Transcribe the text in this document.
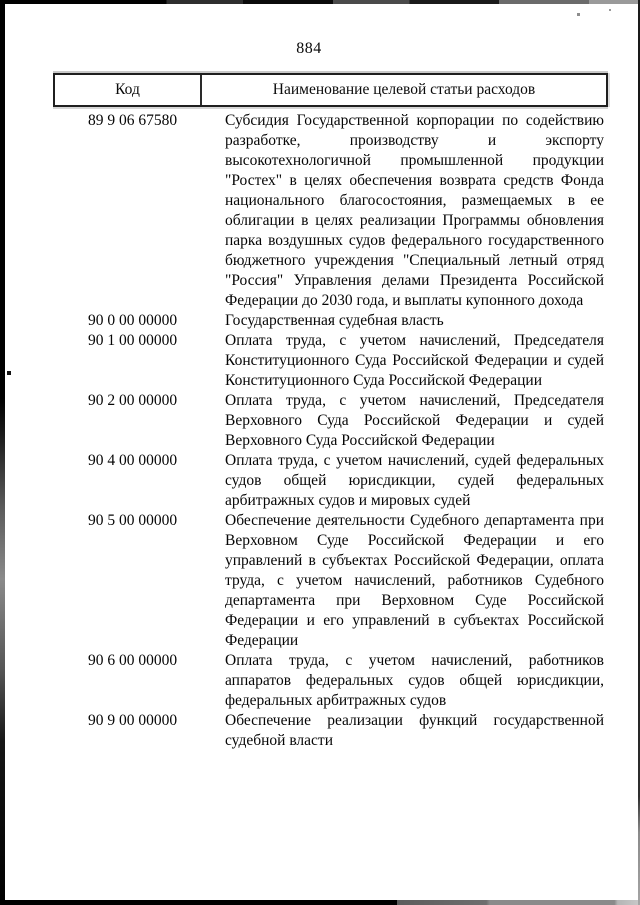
884
Код	Наименование целевой статьи расходов
89 9 06 67580	Субсидия Государственной корпорации по содействию разработке, производству и экспорту высокотехнологичной промышленной продукции "Ростех" в целях обеспечения возврата средств Фонда национального благосостояния, размещаемых в ее облигации в целях реализации Программы обновления парка воздушных судов федерального государственного бюджетного учреждения "Специальный летный отряд "Россия" Управления делами Президента Российской Федерации до 2030 года, и выплаты купонного дохода
90 0 00 00000	Государственная судебная власть
90 1 00 00000	Оплата труда, с учетом начислений, Председателя Конституционного Суда Российской Федерации и судей Конституционного Суда Российской Федерации
90 2 00 00000	Оплата труда, с учетом начислений, Председателя Верховного Суда Российской Федерации и судей Верховного Суда Российской Федерации
90 4 00 00000	Оплата труда, с учетом начислений, судей федеральных судов общей юрисдикции, судей федеральных арбитражных судов и мировых судей
90 5 00 00000	Обеспечение деятельности Судебного департамента при Верховном Суде Российской Федерации и его управлений в субъектах Российской Федерации, оплата труда, с учетом начислений, работников Судебного департамента при Верховном Суде Российской Федерации и его управлений в субъектах Российской Федерации
90 6 00 00000	Оплата труда, с учетом начислений, работников аппаратов федеральных судов общей юрисдикции, федеральных арбитражных судов
90 9 00 00000	Обеспечение реализации функций государственной судебной власти
